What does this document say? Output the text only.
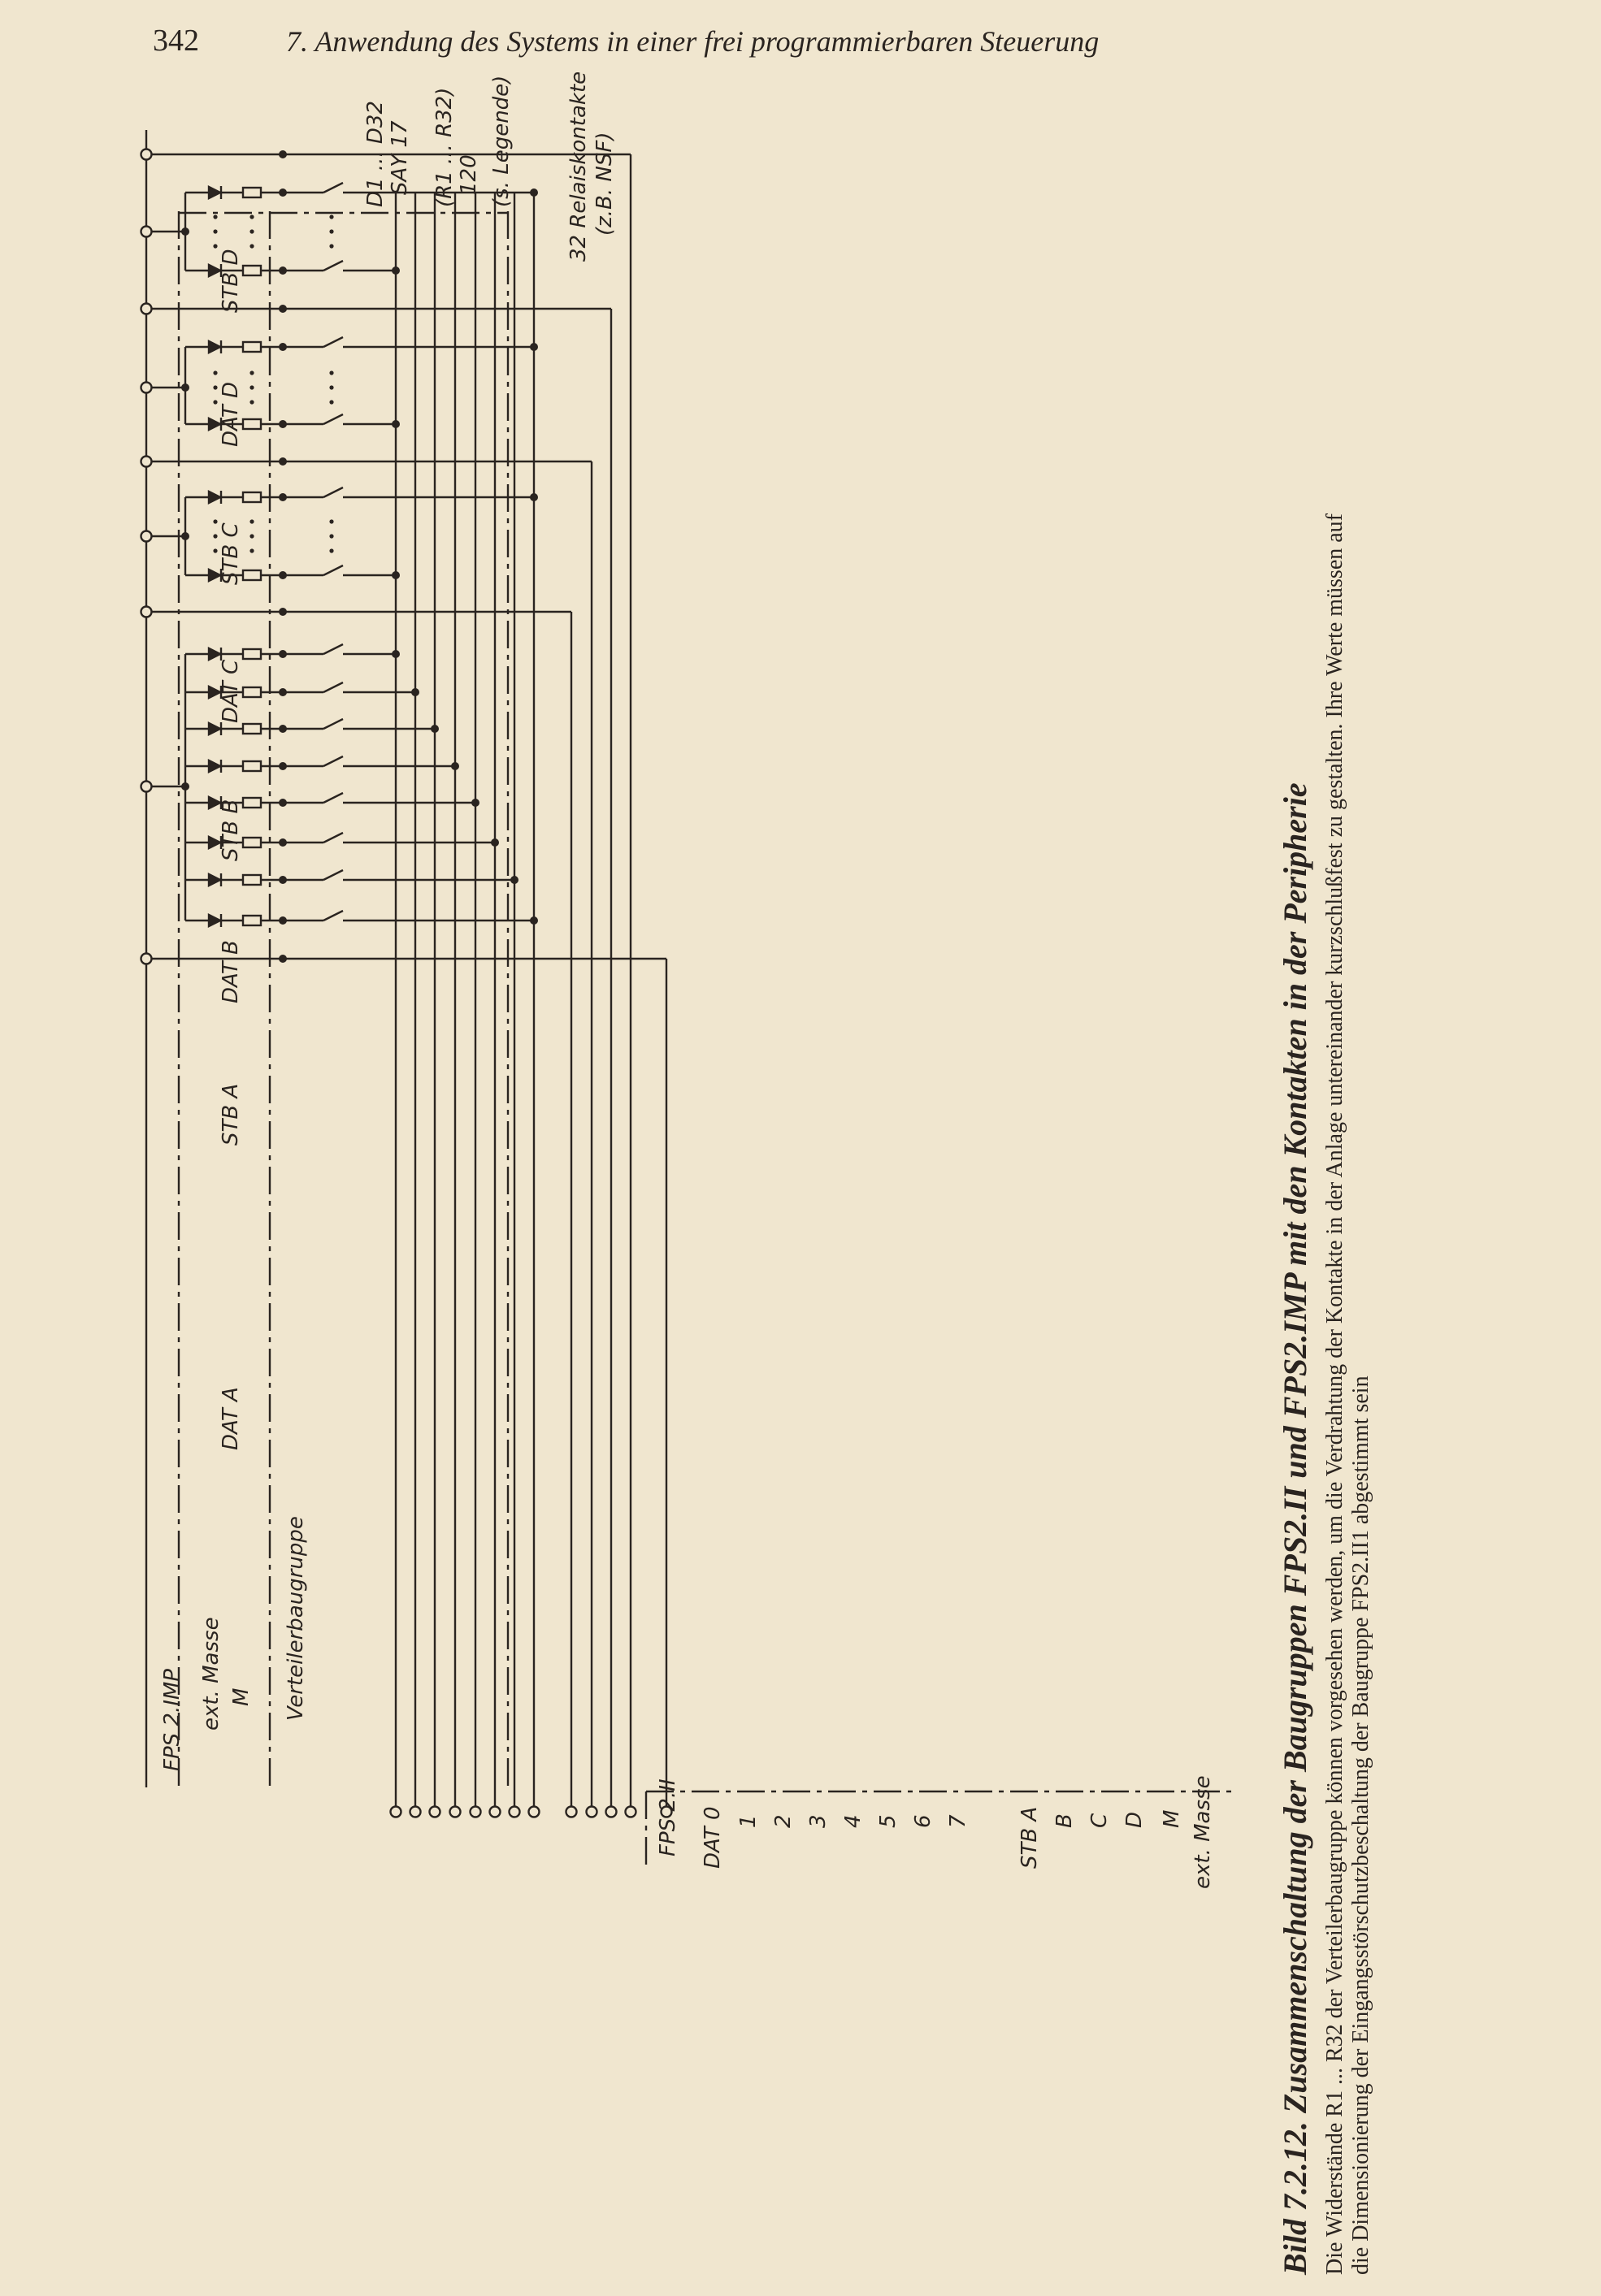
342	7. Anwendung des Systems in einer frei programmierbaren Steuerung
FPS 2.IMP ext. Masse M Verteilerbaugruppe
DAT A
STB A
DAT B
STB B
DAT C
STB C
DAT D
STB D
D1 ... D32 SAY 17 (R1 ... R32) 120 (s. Legende)	32 Relaiskontakte (z.B. NSF)
FPS 2.II DAT 0 1 2 3 4 5 6 7 STB A B C D M ext. Masse Bild 7.2.12. Zusammenschaltung der Baugruppen FPS2.II und FPS2.IMP mit den Kontakten in der Peripherie Die Widerstände R1 ... R32 der Verteilerbaugruppe können vorgesehen werden, um die Verdrahtung der Kontakte in der Anlage untereinander kurzschlußfest zu gestalten. Ihre Werte müssen auf die Dimensionierung der Eingangsstörschutzbeschaltung der Baugruppe FPS2.II1 abgestimmt sein
